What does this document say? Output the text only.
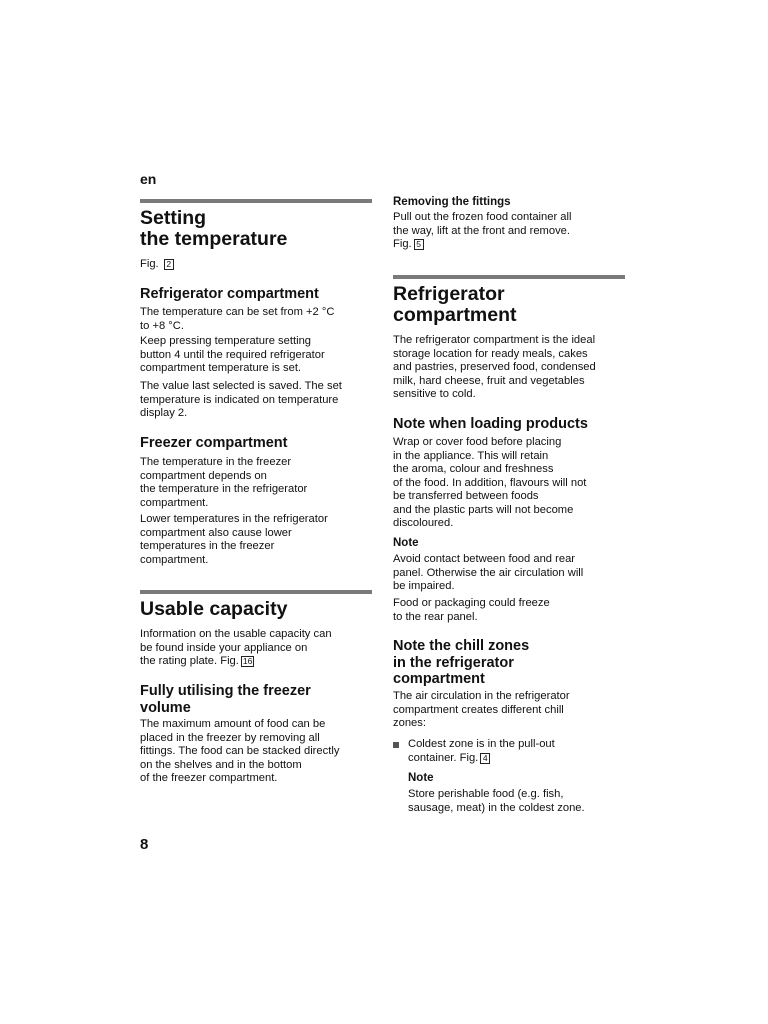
en
Setting
the temperature
Fig. 2
Refrigerator compartment
The temperature can be set from +2 °C
to +8 °C.
Keep pressing temperature setting
button 4 until the required refrigerator
compartment temperature is set.
The value last selected is saved. The set
temperature is indicated on temperature
display 2.
Freezer compartment
The temperature in the freezer
compartment depends on
the temperature in the refrigerator
compartment.
Lower temperatures in the refrigerator
compartment also cause lower
temperatures in the freezer
compartment.
Usable capacity
Information on the usable capacity can
be found inside your appliance on
the rating plate. Fig. 16
Fully utilising the freezer
volume
The maximum amount of food can be
placed in the freezer by removing all
fittings. The food can be stacked directly
on the shelves and in the bottom
of the freezer compartment.
Removing the fittings
Pull out the frozen food container all
the way, lift at the front and remove.
Fig. 5
Refrigerator
compartment
The refrigerator compartment is the ideal
storage location for ready meals, cakes
and pastries, preserved food, condensed
milk, hard cheese, fruit and vegetables
sensitive to cold.
Note when loading products
Wrap or cover food before placing
in the appliance. This will retain
the aroma, colour and freshness
of the food. In addition, flavours will not
be transferred between foods
and the plastic parts will not become
discoloured.
Note
Avoid contact between food and rear
panel. Otherwise the air circulation will
be impaired.
Food or packaging could freeze
to the rear panel.
Note the chill zones
in the refrigerator
compartment
The air circulation in the refrigerator
compartment creates different chill
zones:
Coldest zone is in the pull-out
container. Fig. 4
Note
Store perishable food (e.g. fish,
sausage, meat) in the coldest zone.
8
